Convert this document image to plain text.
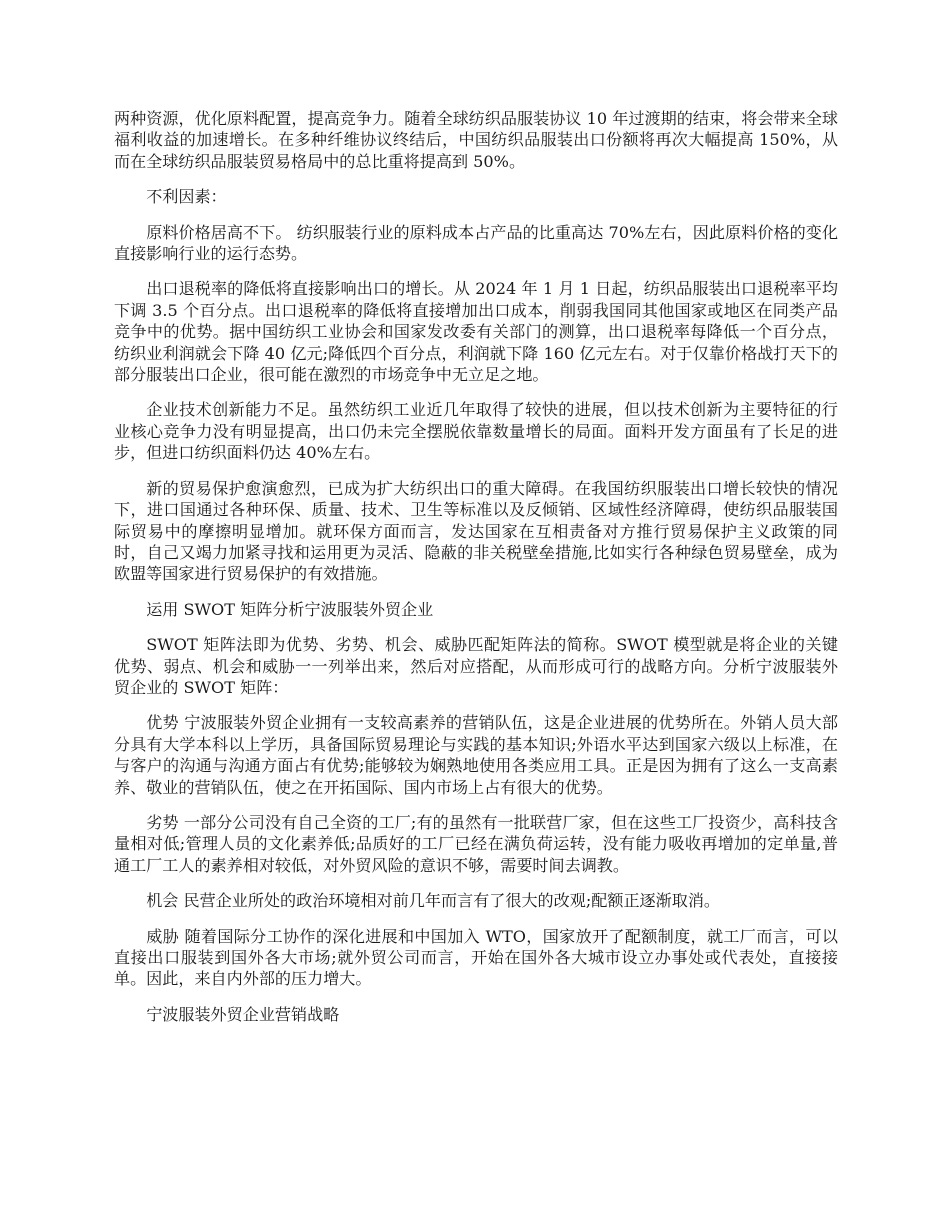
两种资源，优化原料配置，提高竞争力。随着全球纺织品服装协议 10 年过渡期的结束，将会带来全球福利收益的加速增长。在多种纤维协议终结后，中国纺织品服装出口份额将再次大幅提高 150%，从而在全球纺织品服装贸易格局中的总比重将提高到 50%。

不利因素：

原料价格居高不下。 纺织服装行业的原料成本占产品的比重高达 70%左右，因此原料价格的变化直接影响行业的运行态势。

出口退税率的降低将直接影响出口的增长。从 2024 年 1 月 1 日起，纺织品服装出口退税率平均下调 3.5 个百分点。出口退税率的降低将直接增加出口成本，削弱我国同其他国家或地区在同类产品竞争中的优势。据中国纺织工业协会和国家发改委有关部门的测算，出口退税率每降低一个百分点，纺织业利润就会下降 40 亿元;降低四个百分点，利润就下降 160 亿元左右。对于仅靠价格战打天下的部分服装出口企业，很可能在激烈的市场竞争中无立足之地。

企业技术创新能力不足。虽然纺织工业近几年取得了较快的进展，但以技术创新为主要特征的行业核心竞争力没有明显提高，出口仍未完全摆脱依靠数量增长的局面。面料开发方面虽有了长足的进步，但进口纺织面料仍达 40%左右。

新的贸易保护愈演愈烈，已成为扩大纺织出口的重大障碍。在我国纺织服装出口增长较快的情况下，进口国通过各种环保、质量、技术、卫生等标准以及反倾销、区域性经济障碍，使纺织品服装国际贸易中的摩擦明显增加。就环保方面而言，发达国家在互相责备对方推行贸易保护主义政策的同时，自己又竭力加紧寻找和运用更为灵活、隐蔽的非关税壁垒措施,比如实行各种绿色贸易壁垒，成为欧盟等国家进行贸易保护的有效措施。

运用 SWOT 矩阵分析宁波服装外贸企业

SWOT 矩阵法即为优势、劣势、机会、威胁匹配矩阵法的简称。SWOT 模型就是将企业的关键优势、弱点、机会和威胁一一列举出来，然后对应搭配，从而形成可行的战略方向。分析宁波服装外贸企业的 SWOT 矩阵：

优势 宁波服装外贸企业拥有一支较高素养的营销队伍，这是企业进展的优势所在。外销人员大部分具有大学本科以上学历，具备国际贸易理论与实践的基本知识;外语水平达到国家六级以上标准，在与客户的沟通与沟通方面占有优势;能够较为娴熟地使用各类应用工具。正是因为拥有了这么一支高素养、敬业的营销队伍，使之在开拓国际、国内市场上占有很大的优势。

劣势 一部分公司没有自己全资的工厂;有的虽然有一批联营厂家，但在这些工厂投资少，高科技含量相对低;管理人员的文化素养低;品质好的工厂已经在满负荷运转，没有能力吸收再增加的定单量,普通工厂工人的素养相对较低，对外贸风险的意识不够，需要时间去调教。

机会 民营企业所处的政治环境相对前几年而言有了很大的改观;配额正逐渐取消。

威胁 随着国际分工协作的深化进展和中国加入 WTO，国家放开了配额制度，就工厂而言，可以直接出口服装到国外各大市场;就外贸公司而言，开始在国外各大城市设立办事处或代表处，直接接单。因此，来自内外部的压力增大。

宁波服装外贸企业营销战略
